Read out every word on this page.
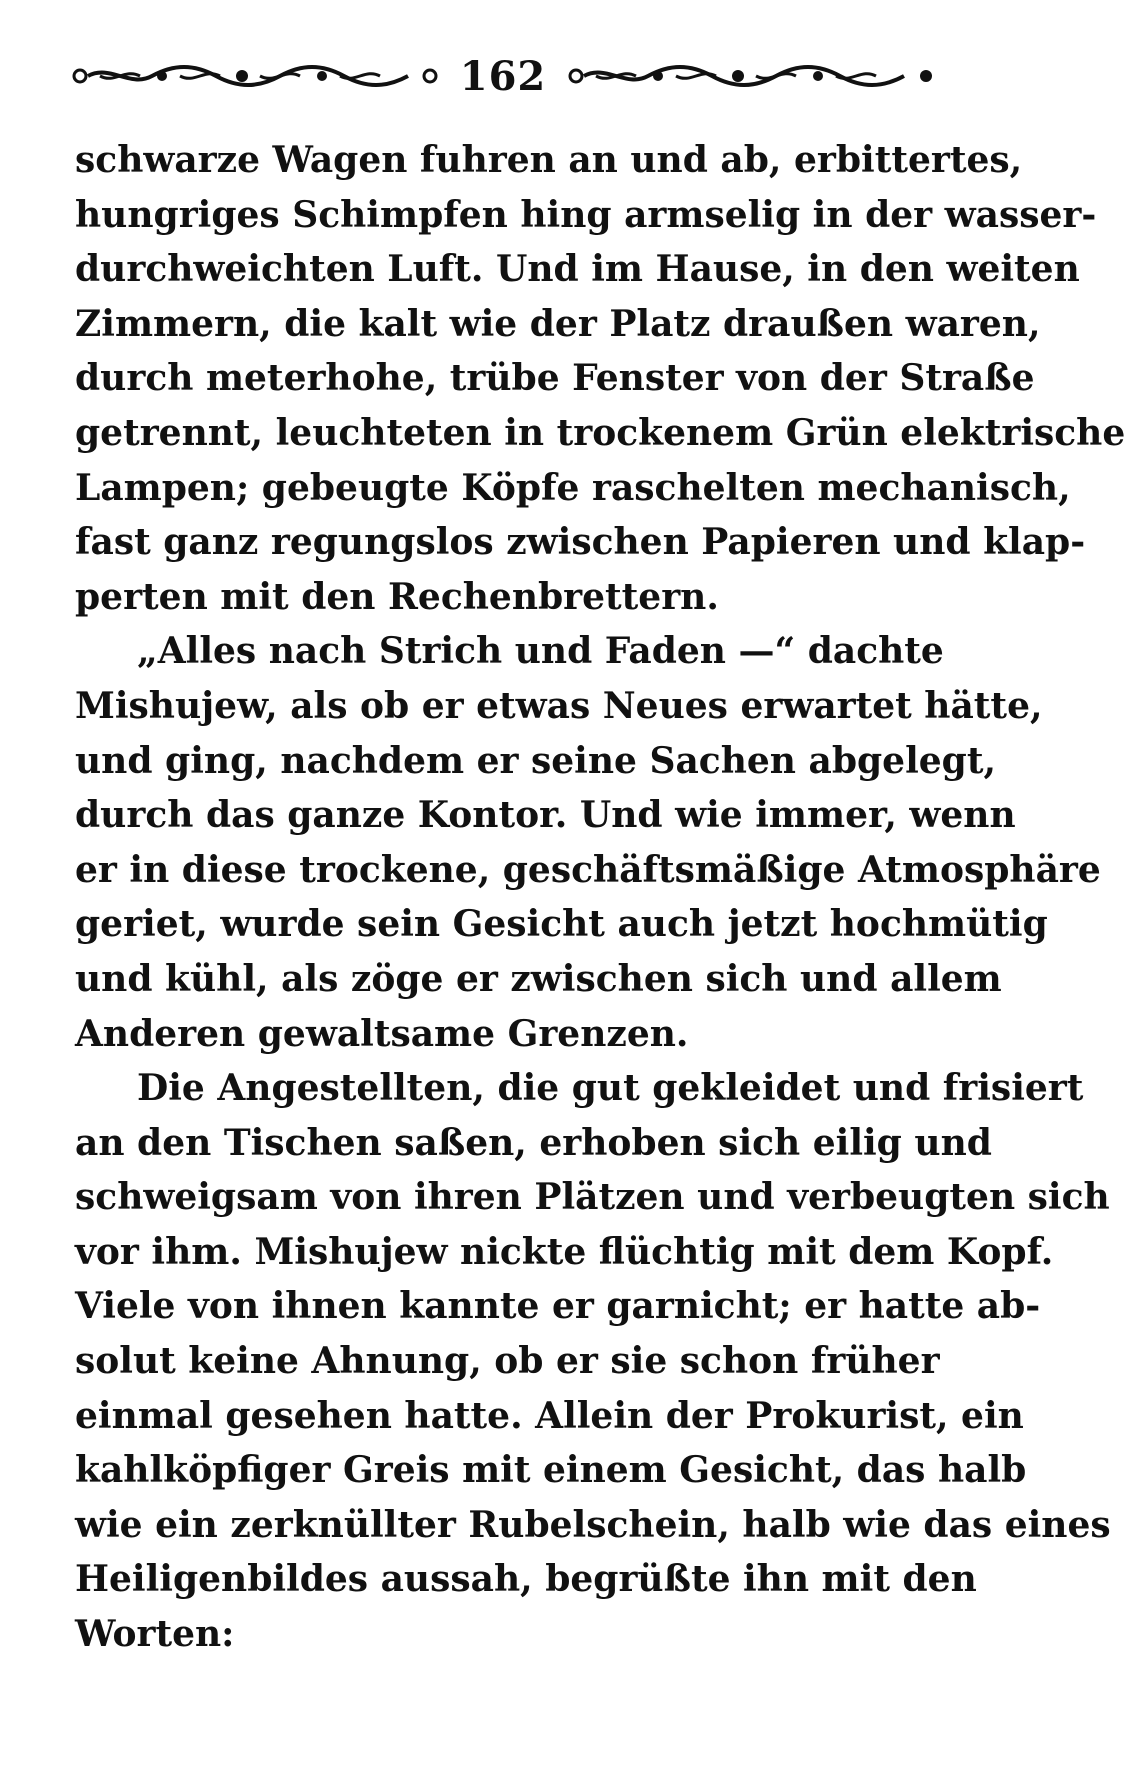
162
schwarze Wagen fuhren an und ab, erbittertes,
hungriges Schimpfen hing armselig in der wasser-
durchweichten Luft. Und im Hause, in den weiten
Zimmern, die kalt wie der Platz draußen waren,
durch meterhohe, trübe Fenster von der Straße
getrennt, leuchteten in trockenem Grün elektrische
Lampen; gebeugte Köpfe raschelten mechanisch,
fast ganz regungslos zwischen Papieren und klap-
perten mit den Rechenbrettern.
„Alles nach Strich und Faden —“ dachte
Mishujew, als ob er etwas Neues erwartet hätte,
und ging, nachdem er seine Sachen abgelegt,
durch das ganze Kontor. Und wie immer, wenn
er in diese trockene, geschäftsmäßige Atmosphäre
geriet, wurde sein Gesicht auch jetzt hochmütig
und kühl, als zöge er zwischen sich und allem
Anderen gewaltsame Grenzen.
Die Angestellten, die gut gekleidet und frisiert
an den Tischen saßen, erhoben sich eilig und
schweigsam von ihren Plätzen und verbeugten sich
vor ihm. Mishujew nickte flüchtig mit dem Kopf.
Viele von ihnen kannte er garnicht; er hatte ab-
solut keine Ahnung, ob er sie schon früher
einmal gesehen hatte. Allein der Prokurist, ein
kahlköpfiger Greis mit einem Gesicht, das halb
wie ein zerknüllter Rubelschein, halb wie das eines
Heiligenbildes aussah, begrüßte ihn mit den
Worten:
